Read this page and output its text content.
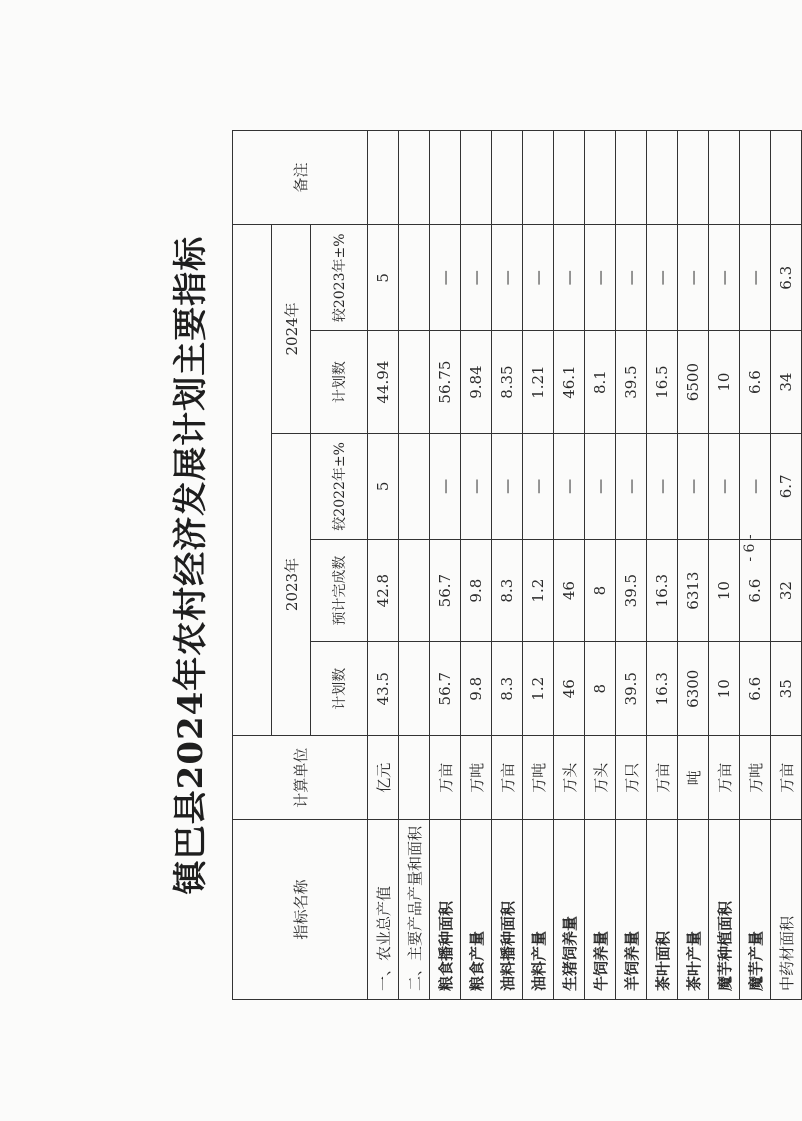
镇巴县2024年农村经济发展计划主要指标
指标名称	计算单位						备注
		2023年			2024年		
		计划数	预计完成数	较2022年±%	计划数	较2023年±%	
一、农业总产值	亿元	43.5	42.8	5	44.94	5	
二、主要产品产量和面积							
粮食播种面积	万亩	56.7	56.7	—	56.75	—	
粮食产量	万吨	9.8	9.8	—	9.84	—	
油料播种面积	万亩	8.3	8.3	—	8.35	—	
油料产量	万吨	1.2	1.2	—	1.21	—	
生猪饲养量	万头	46	46	—	46.1	—	
牛饲养量	万头	8	8	—	8.1	—	
羊饲养量	万只	39.5	39.5	—	39.5	—	
茶叶面积	万亩	16.3	16.3	—	16.5	—	
茶叶产量	吨	6300	6313	—	6500	—	
魔芋种植面积	万亩	10	10	—	10	—	
魔芋产量	万吨	6.6	6.6	—	6.6	—	
中药材面积	万亩	35	32	6.7	34	6.3	
- 6 -
